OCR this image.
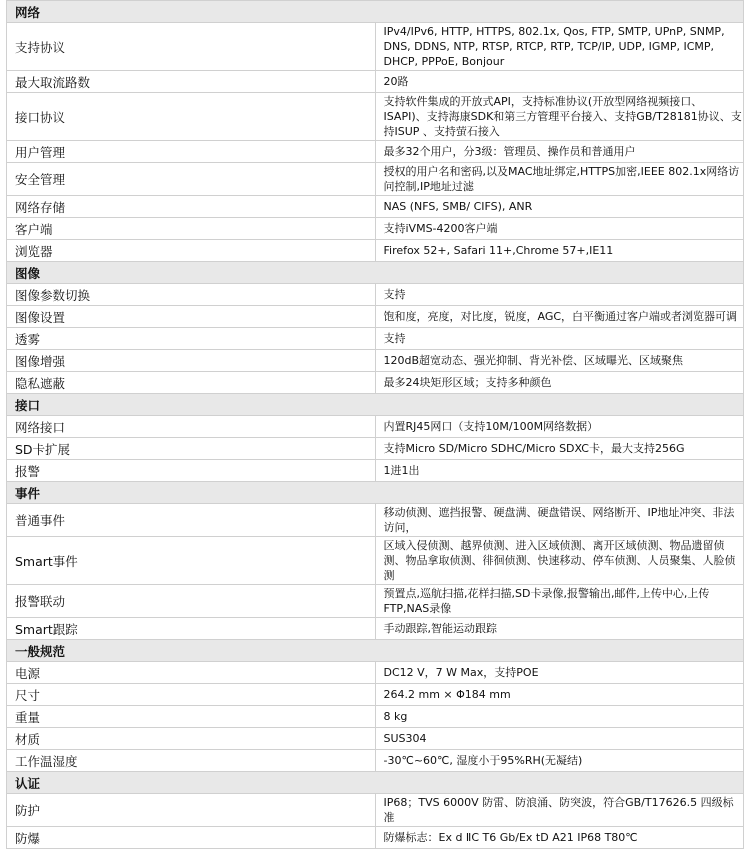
网络	
支持协议	IPv4/IPv6, HTTP, HTTPS, 802.1x, Qos, FTP, SMTP, UPnP, SNMP, DNS, DDNS, NTP, RTSP, RTCP, RTP, TCP/IP, UDP, IGMP, ICMP, DHCP, PPPoE, Bonjour
最大取流路数	20路
接口协议	支持软件集成的开放式API，支持标准协议(开放型网络视频接口、ISAPI)、支持海康SDK和第三方管理平台接入、支持GB/T28181协议、支持ISUP 、支持萤石接入
用户管理	最多32个用户，分3级：管理员、操作员和普通用户
安全管理	授权的用户名和密码,以及MAC地址绑定,HTTPS加密,IEEE 802.1x网络访问控制,IP地址过滤
网络存储	NAS (NFS, SMB/ CIFS), ANR
客户端	支持iVMS-4200客户端
浏览器	Firefox 52+, Safari 11+,Chrome 57+,IE11
图像	
图像参数切换	支持
图像设置	饱和度，亮度，对比度，锐度，AGC，白平衡通过客户端或者浏览器可调
透雾	支持
图像增强	120dB超宽动态、强光抑制、背光补偿、区域曝光、区域聚焦
隐私遮蔽	最多24块矩形区域；支持多种颜色
接口	
网络接口	内置RJ45网口（支持10M/100M网络数据）
SD卡扩展	支持Micro SD/Micro SDHC/Micro SDXC卡，最大支持256G
报警	1进1出
事件	
普通事件	移动侦测、遮挡报警、硬盘满、硬盘错误、网络断开、IP地址冲突、非法访问，
Smart事件	区域入侵侦测、越界侦测、进入区域侦测、离开区域侦测、物品遗留侦测、物品拿取侦测、徘徊侦测、快速移动、停车侦测、人员聚集、人脸侦测
报警联动	预置点,巡航扫描,花样扫描,SD卡录像,报警输出,邮件,上传中心,上传FTP,NAS录像
Smart跟踪	手动跟踪,智能运动跟踪
一般规范	
电源	DC12 V，7 W Max，支持POE
尺寸	264.2 mm × Φ184 mm
重量	8 kg
材质	SUS304
工作温湿度	-30℃~60℃, 湿度小于95%RH(无凝结)
认证	
防护	IP68；TVS 6000V 防雷、防浪涌、防突波，符合GB/T17626.5 四级标准
防爆	防爆标志：Ex d ⅡC T6 Gb/Ex tD A21 IP68 T80℃
